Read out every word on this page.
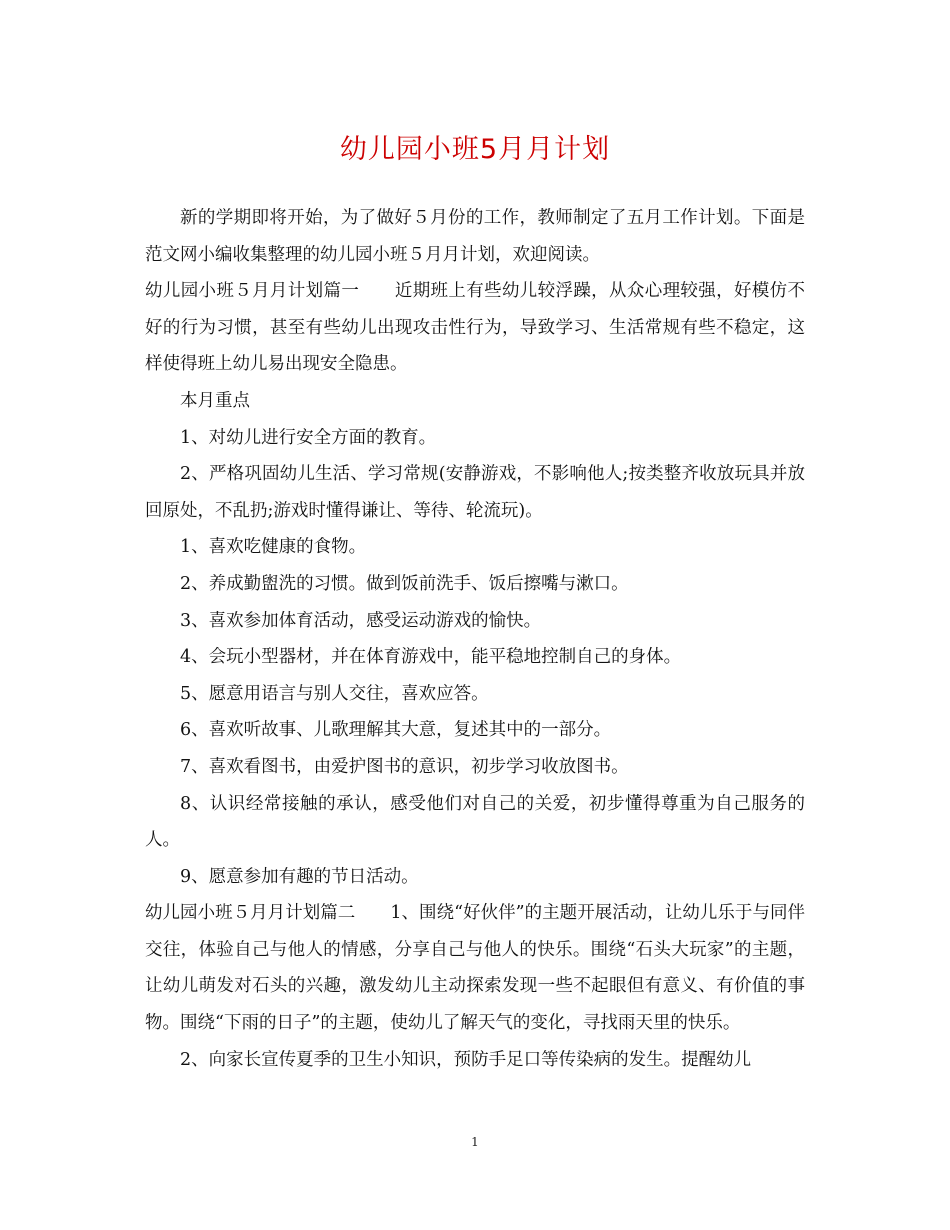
幼儿园小班5月月计划

新的学期即将开始，为了做好５月份的工作，教师制定了五月工作计划。下面是范文网小编收集整理的幼儿园小班５月月计划，欢迎阅读。

幼儿园小班５月月计划篇一　　近期班上有些幼儿较浮躁，从众心理较强，好模仿不好的行为习惯，甚至有些幼儿出现攻击性行为，导致学习、生活常规有些不稳定，这样使得班上幼儿易出现安全隐患。

本月重点

1、对幼儿进行安全方面的教育。

2、严格巩固幼儿生活、学习常规(安静游戏，不影响他人;按类整齐收放玩具并放回原处，不乱扔;游戏时懂得谦让、等待、轮流玩)。

1、喜欢吃健康的食物。

2、养成勤盥洗的习惯。做到饭前洗手、饭后擦嘴与漱口。

3、喜欢参加体育活动，感受运动游戏的愉快。

4、会玩小型器材，并在体育游戏中，能平稳地控制自己的身体。

5、愿意用语言与别人交往，喜欢应答。

6、喜欢听故事、儿歌理解其大意，复述其中的一部分。

7、喜欢看图书，由爱护图书的意识，初步学习收放图书。

8、认识经常接触的承认，感受他们对自己的关爱，初步懂得尊重为自己服务的人。

9、愿意参加有趣的节日活动。

幼儿园小班５月月计划篇二　　1、围绕“好伙伴”的主题开展活动，让幼儿乐于与同伴交往，体验自己与他人的情感，分享自己与他人的快乐。围绕“石头大玩家”的主题，让幼儿萌发对石头的兴趣，激发幼儿主动探索发现一些不起眼但有意义、有价值的事物。围绕“下雨的日子”的主题，使幼儿了解天气的变化，寻找雨天里的快乐。

2、向家长宣传夏季的卫生小知识，预防手足口等传染病的发生。提醒幼儿

1
